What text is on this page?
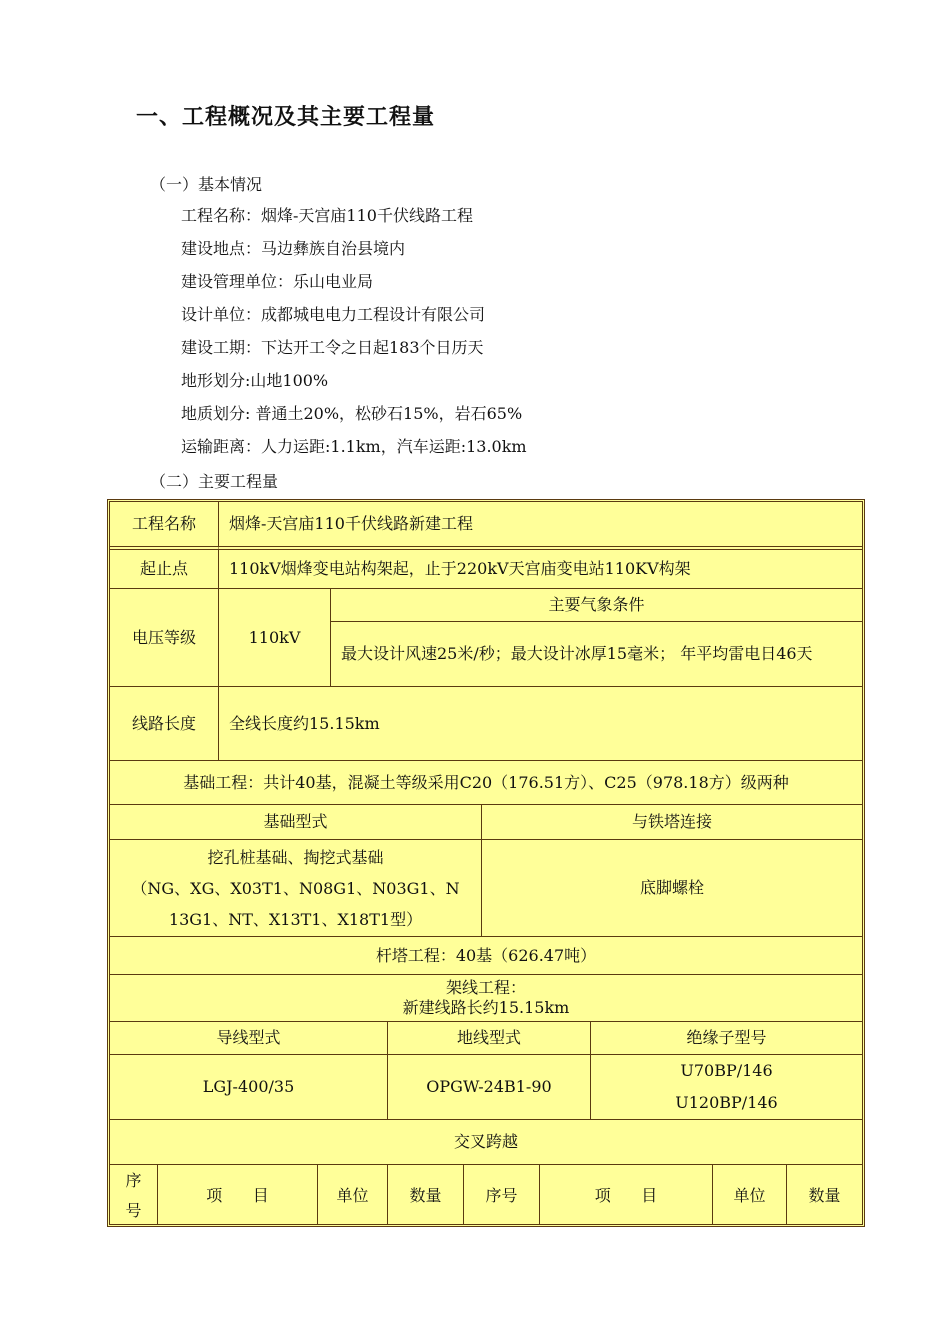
一、工程概况及其主要工程量
（一）基本情况
工程名称：烟烽-天宫庙110千伏线路工程
建设地点：马边彝族自治县境内
建设管理单位：乐山电业局
设计单位：成都城电电力工程设计有限公司
建设工期：下达开工令之日起183个日历天
地形划分:山地100%
地质划分: 普通土20%，松砂石15%，岩石65%
运输距离：人力运距:1.1km，汽车运距:13.0km
（二）主要工程量
工程名称	烟烽-天宫庙110千伏线路新建工程
起止点	110kV烟烽变电站构架起，止于220kV天宫庙变电站110KV构架
电压等级	110kV
主要气象条件
最大设计风速25米/秒；最大设计冰厚15毫米； 年平均雷电日46天
线路长度	全线长度约15.15km
基础工程：共计40基，混凝土等级采用C20（176.51方）、C25（978.18方）级两种
基础型式	与铁塔连接
挖孔桩基础、掏挖式基础
（NG、XG、X03T1、N08G1、N03G1、N
13G1、NT、X13T1、X18T1型）
底脚螺栓
杆塔工程：40基（626.47吨）
架线工程：
新建线路长约15.15km
导线型式	地线型式	绝缘子型号
LGJ-400/35	OPGW-24B1-90
U70BP/146
U120BP/146
交叉跨越
序
号
项      目	单位	数量	序号	项      目	单位	数量
